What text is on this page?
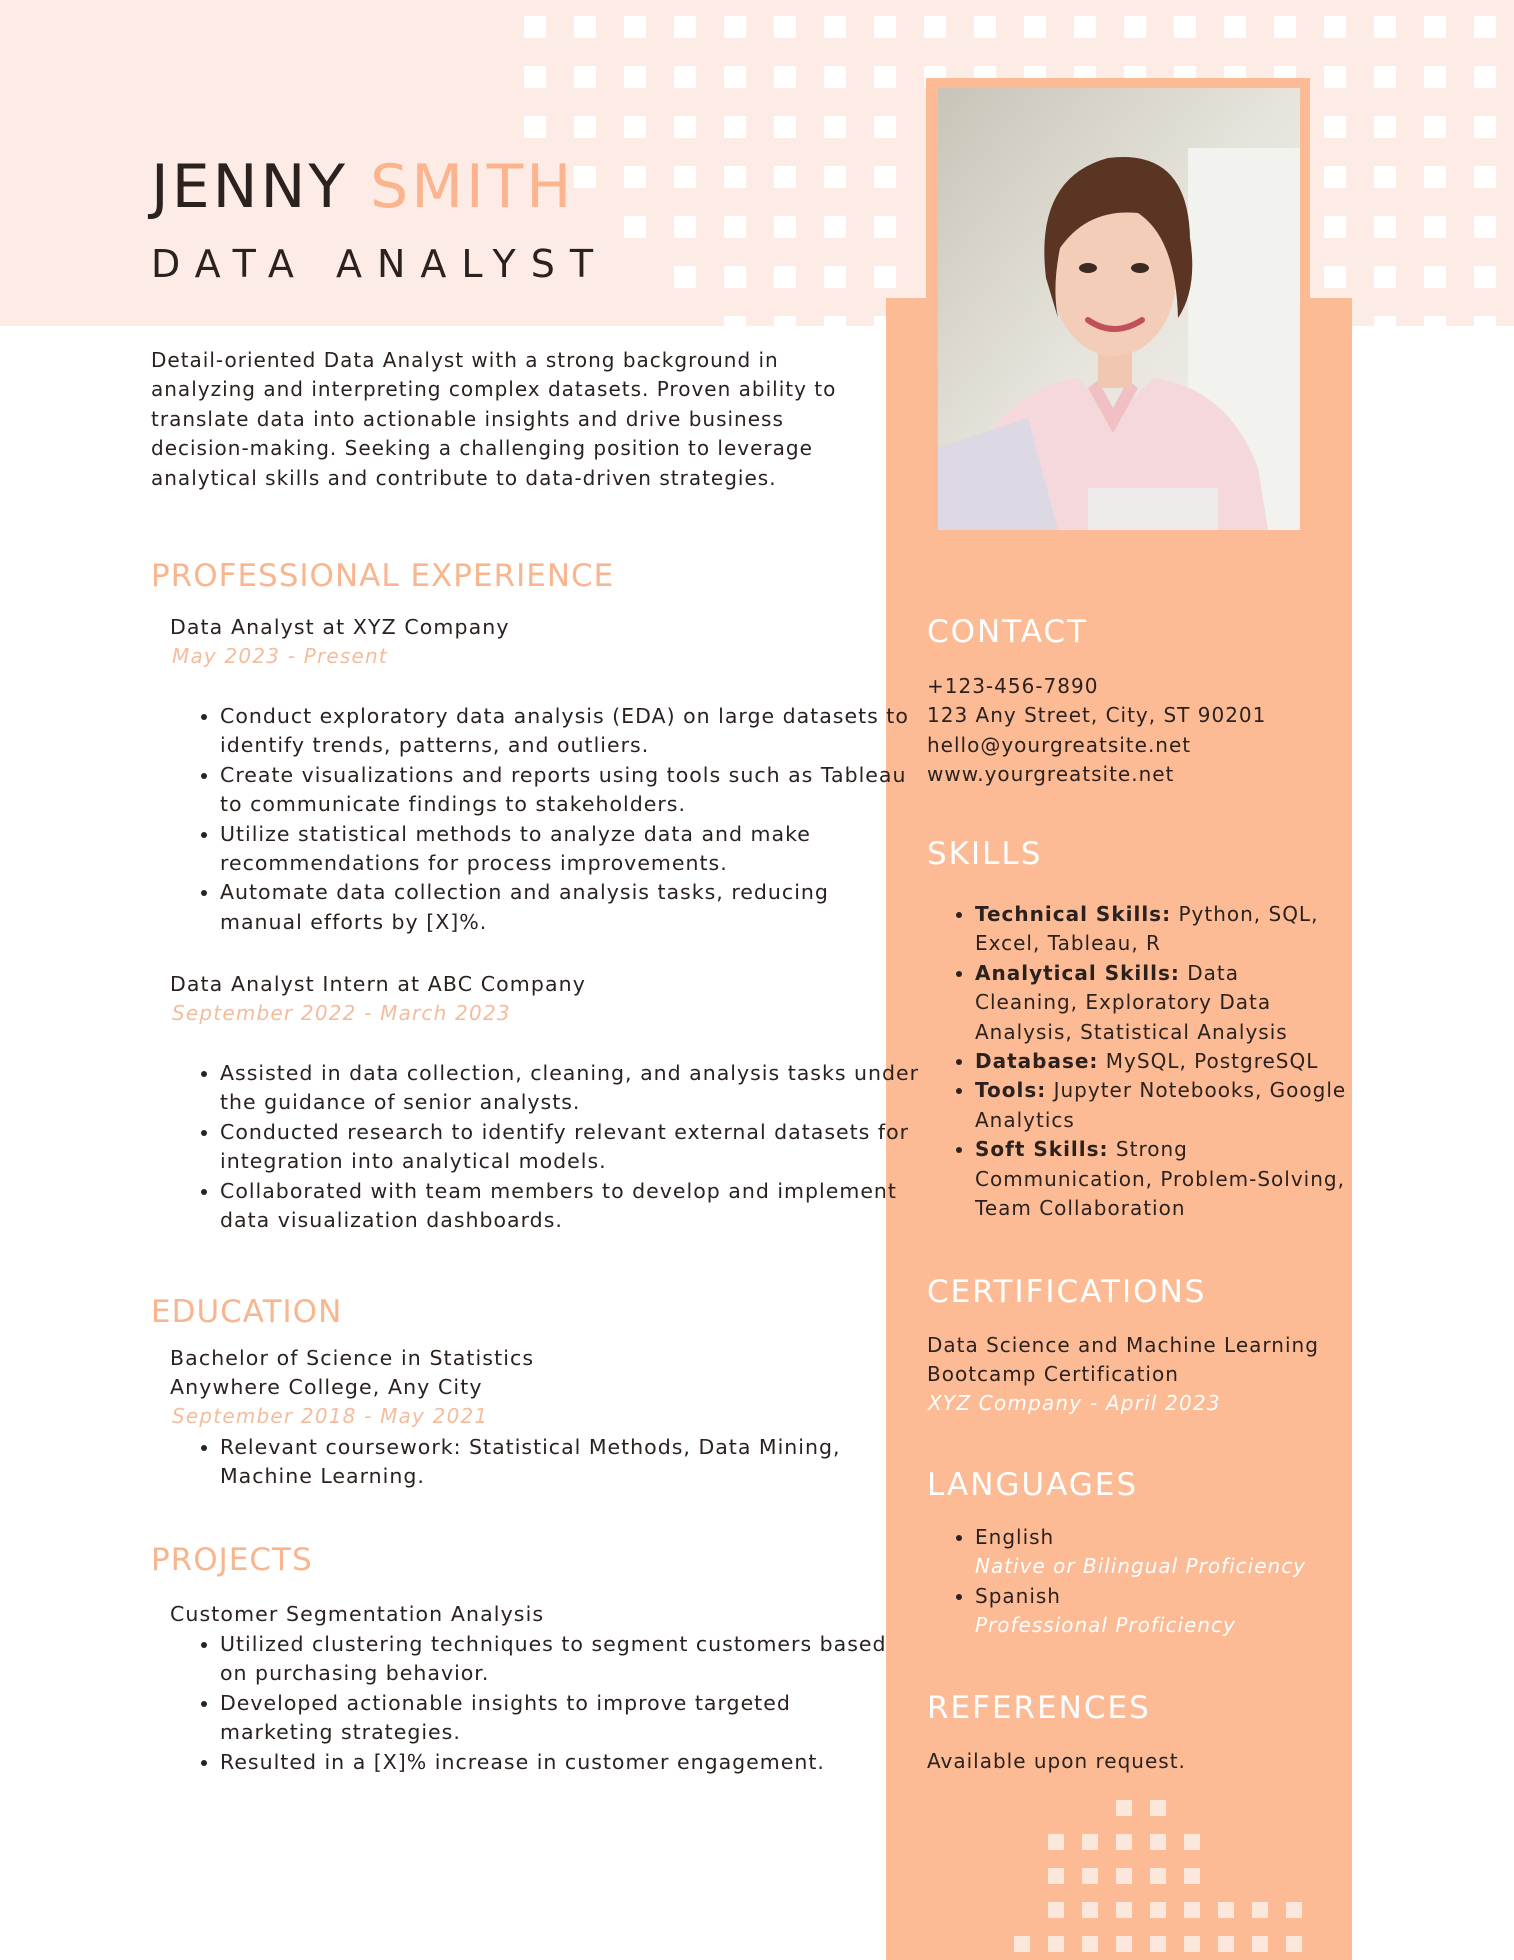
JENNY SMITH
DATA ANALYST
Detail-oriented Data Analyst with a strong background in analyzing and interpreting complex datasets. Proven ability to translate data into actionable insights and drive business decision-making. Seeking a challenging position to leverage analytical skills and contribute to data-driven strategies.
PROFESSIONAL EXPERIENCE
Data Analyst at XYZ Company
May 2023 - Present
• Conduct exploratory data analysis (EDA) on large datasets to identify trends, patterns, and outliers.
• Create visualizations and reports using tools such as Tableau to communicate findings to stakeholders.
• Utilize statistical methods to analyze data and make recommendations for process improvements.
• Automate data collection and analysis tasks, reducing manual efforts by [X]%.
Data Analyst Intern at ABC Company
September 2022 - March 2023
• Assisted in data collection, cleaning, and analysis tasks under the guidance of senior analysts.
• Conducted research to identify relevant external datasets for integration into analytical models.
• Collaborated with team members to develop and implement data visualization dashboards.
EDUCATION
Bachelor of Science in Statistics
Anywhere College, Any City
September 2018 - May 2021
• Relevant coursework: Statistical Methods, Data Mining, Machine Learning.
PROJECTS
Customer Segmentation Analysis
• Utilized clustering techniques to segment customers based on purchasing behavior.
• Developed actionable insights to improve targeted marketing strategies.
• Resulted in a [X]% increase in customer engagement.
CONTACT
+123-456-7890
123 Any Street, City, ST 90201
hello@yourgreatsite.net
www.yourgreatsite.net
SKILLS
• Technical Skills: Python, SQL, Excel, Tableau, R
• Analytical Skills: Data Cleaning, Exploratory Data Analysis, Statistical Analysis
• Database: MySQL, PostgreSQL
• Tools: Jupyter Notebooks, Google Analytics
• Soft Skills: Strong Communication, Problem-Solving, Team Collaboration
CERTIFICATIONS
Data Science and Machine Learning Bootcamp Certification
XYZ Company - April 2023
LANGUAGES
• English
Native or Bilingual Proficiency
• Spanish
Professional Proficiency
REFERENCES
Available upon request.
